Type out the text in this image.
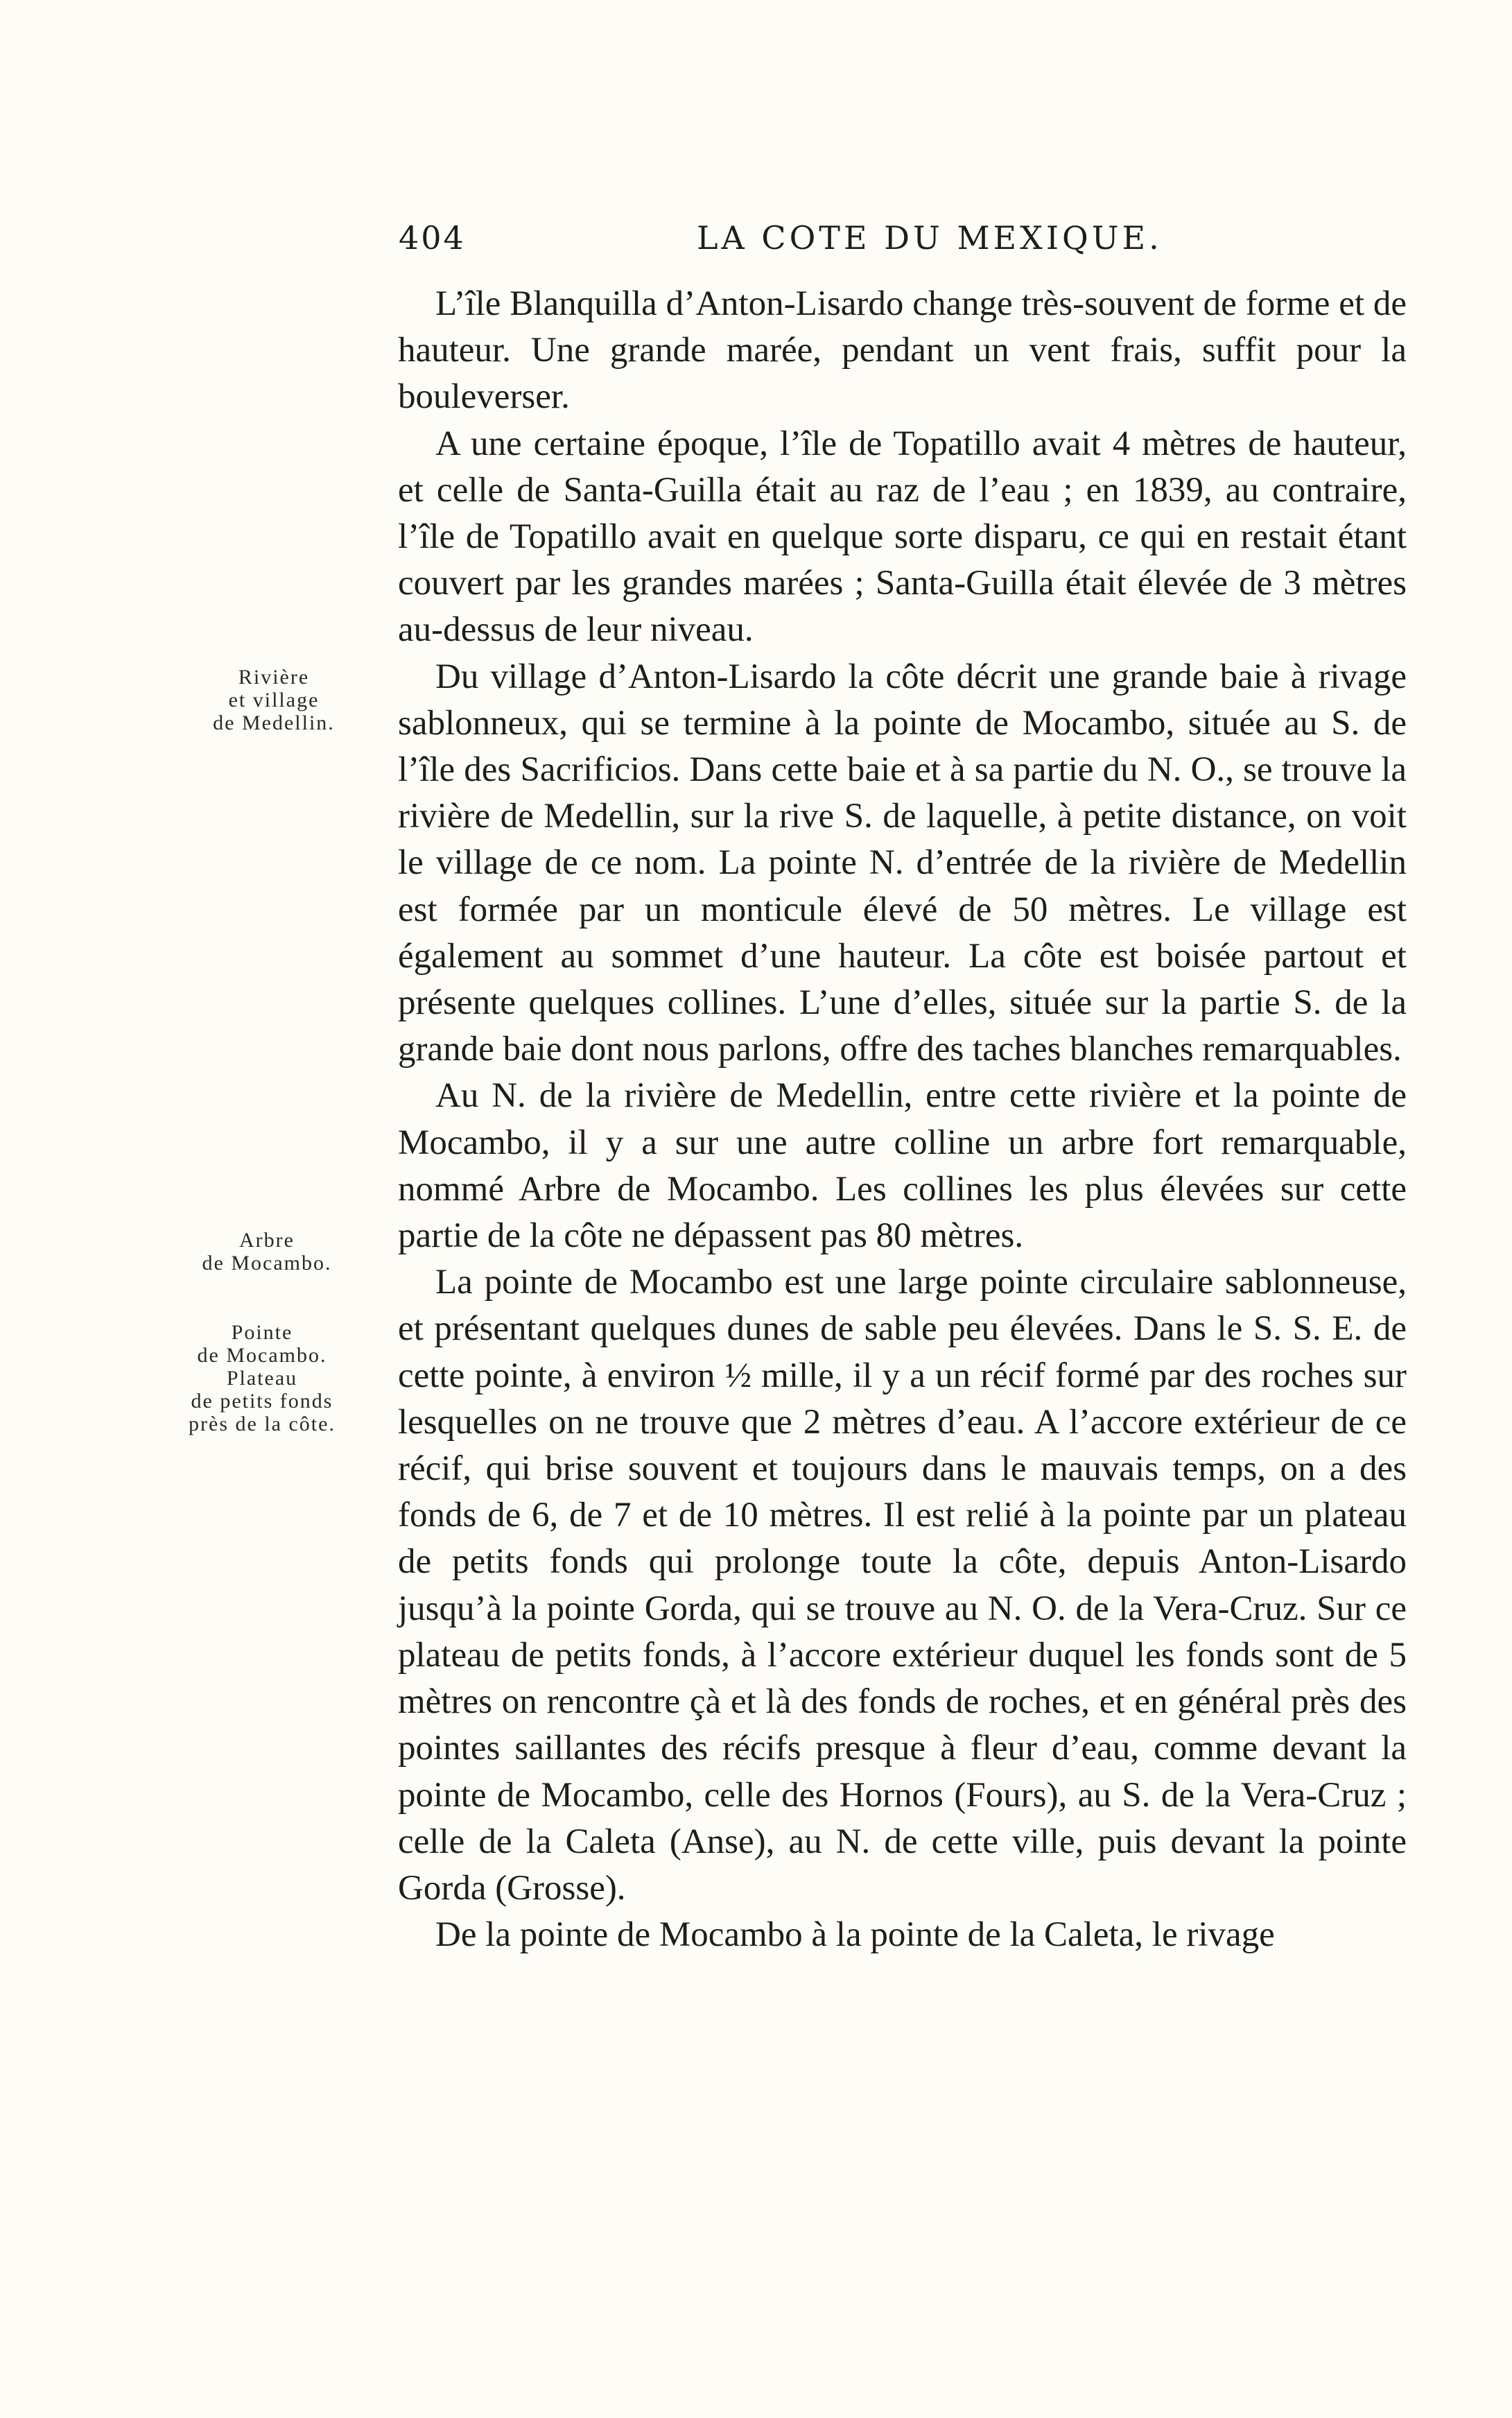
404	LA COTE DU MEXIQUE.
Rivière
et village
de Medellin.
Arbre
de Mocambo.
Pointe
de Mocambo.
Plateau
de petits fonds
près de la côte.

L’île Blanquilla d’Anton-Lisardo change très-souvent de forme et de hauteur. Une grande marée, pendant un vent frais, suffit pour la bouleverser.

A une certaine époque, l’île de Topatillo avait 4 mètres de hauteur, et celle de Santa-Guilla était au raz de l’eau ; en 1839, au contraire, l’île de Topatillo avait en quelque sorte disparu, ce qui en restait étant couvert par les grandes marées ; Santa-Guilla était élevée de 3 mètres au-dessus de leur niveau.

Du village d’Anton-Lisardo la côte décrit une grande baie à rivage sablonneux, qui se termine à la pointe de Mocambo, située au S. de l’île des Sacrificios. Dans cette baie et à sa partie du N. O., se trouve la rivière de Medellin, sur la rive S. de laquelle, à petite distance, on voit le village de ce nom. La pointe N. d’entrée de la rivière de Medellin est formée par un monticule élevé de 50 mètres. Le village est également au sommet d’une hauteur. La côte est boisée partout et présente quelques collines. L’une d’elles, située sur la partie S. de la grande baie dont nous parlons, offre des taches blanches remarquables.

Au N. de la rivière de Medellin, entre cette rivière et la pointe de Mocambo, il y a sur une autre colline un arbre fort remarquable, nommé Arbre de Mocambo. Les collines les plus élevées sur cette partie de la côte ne dépassent pas 80 mètres.

La pointe de Mocambo est une large pointe circulaire sablonneuse, et présentant quelques dunes de sable peu élevées. Dans le S. S. E. de cette pointe, à environ ½ mille, il y a un récif formé par des roches sur lesquelles on ne trouve que 2 mètres d’eau. A l’accore extérieur de ce récif, qui brise souvent et toujours dans le mauvais temps, on a des fonds de 6, de 7 et de 10 mètres. Il est relié à la pointe par un plateau de petits fonds qui prolonge toute la côte, depuis Anton-Lisardo jusqu’à la pointe Gorda, qui se trouve au N. O. de la Vera-Cruz. Sur ce plateau de petits fonds, à l’accore extérieur duquel les fonds sont de 5 mètres on rencontre çà et là des fonds de roches, et en général près des pointes saillantes des récifs presque à fleur d’eau, comme devant la pointe de Mocambo, celle des Hornos (Fours), au S. de la Vera-Cruz ; celle de la Caleta (Anse), au N. de cette ville, puis devant la pointe Gorda (Grosse).

De la pointe de Mocambo à la pointe de la Caleta, le rivage
